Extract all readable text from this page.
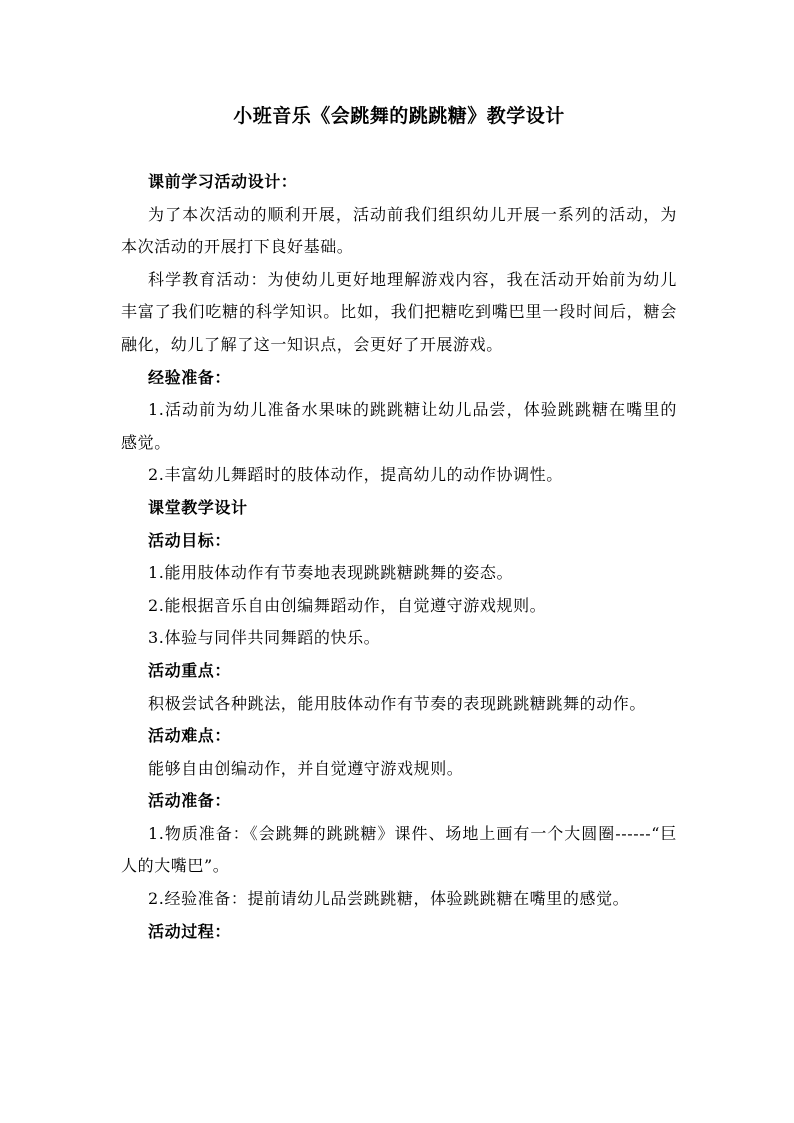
小班音乐《会跳舞的跳跳糖》教学设计

课前学习活动设计：

为了本次活动的顺利开展，活动前我们组织幼儿开展一系列的活动，为本次活动的开展打下良好基础。

科学教育活动：为使幼儿更好地理解游戏内容，我在活动开始前为幼儿丰富了我们吃糖的科学知识。比如，我们把糖吃到嘴巴里一段时间后，糖会融化，幼儿了解了这一知识点，会更好了开展游戏。

经验准备：

1.活动前为幼儿准备水果味的跳跳糖让幼儿品尝，体验跳跳糖在嘴里的感觉。

2.丰富幼儿舞蹈时的肢体动作，提高幼儿的动作协调性。

课堂教学设计

活动目标：

1.能用肢体动作有节奏地表现跳跳糖跳舞的姿态。

2.能根据音乐自由创编舞蹈动作，自觉遵守游戏规则。

3.体验与同伴共同舞蹈的快乐。

活动重点：

积极尝试各种跳法，能用肢体动作有节奏的表现跳跳糖跳舞的动作。

活动难点：

能够自由创编动作，并自觉遵守游戏规则。

活动准备：

1.物质准备：《会跳舞的跳跳糖》课件、场地上画有一个大圆圈------“巨人的大嘴巴”。

2.经验准备：提前请幼儿品尝跳跳糖，体验跳跳糖在嘴里的感觉。

活动过程：
